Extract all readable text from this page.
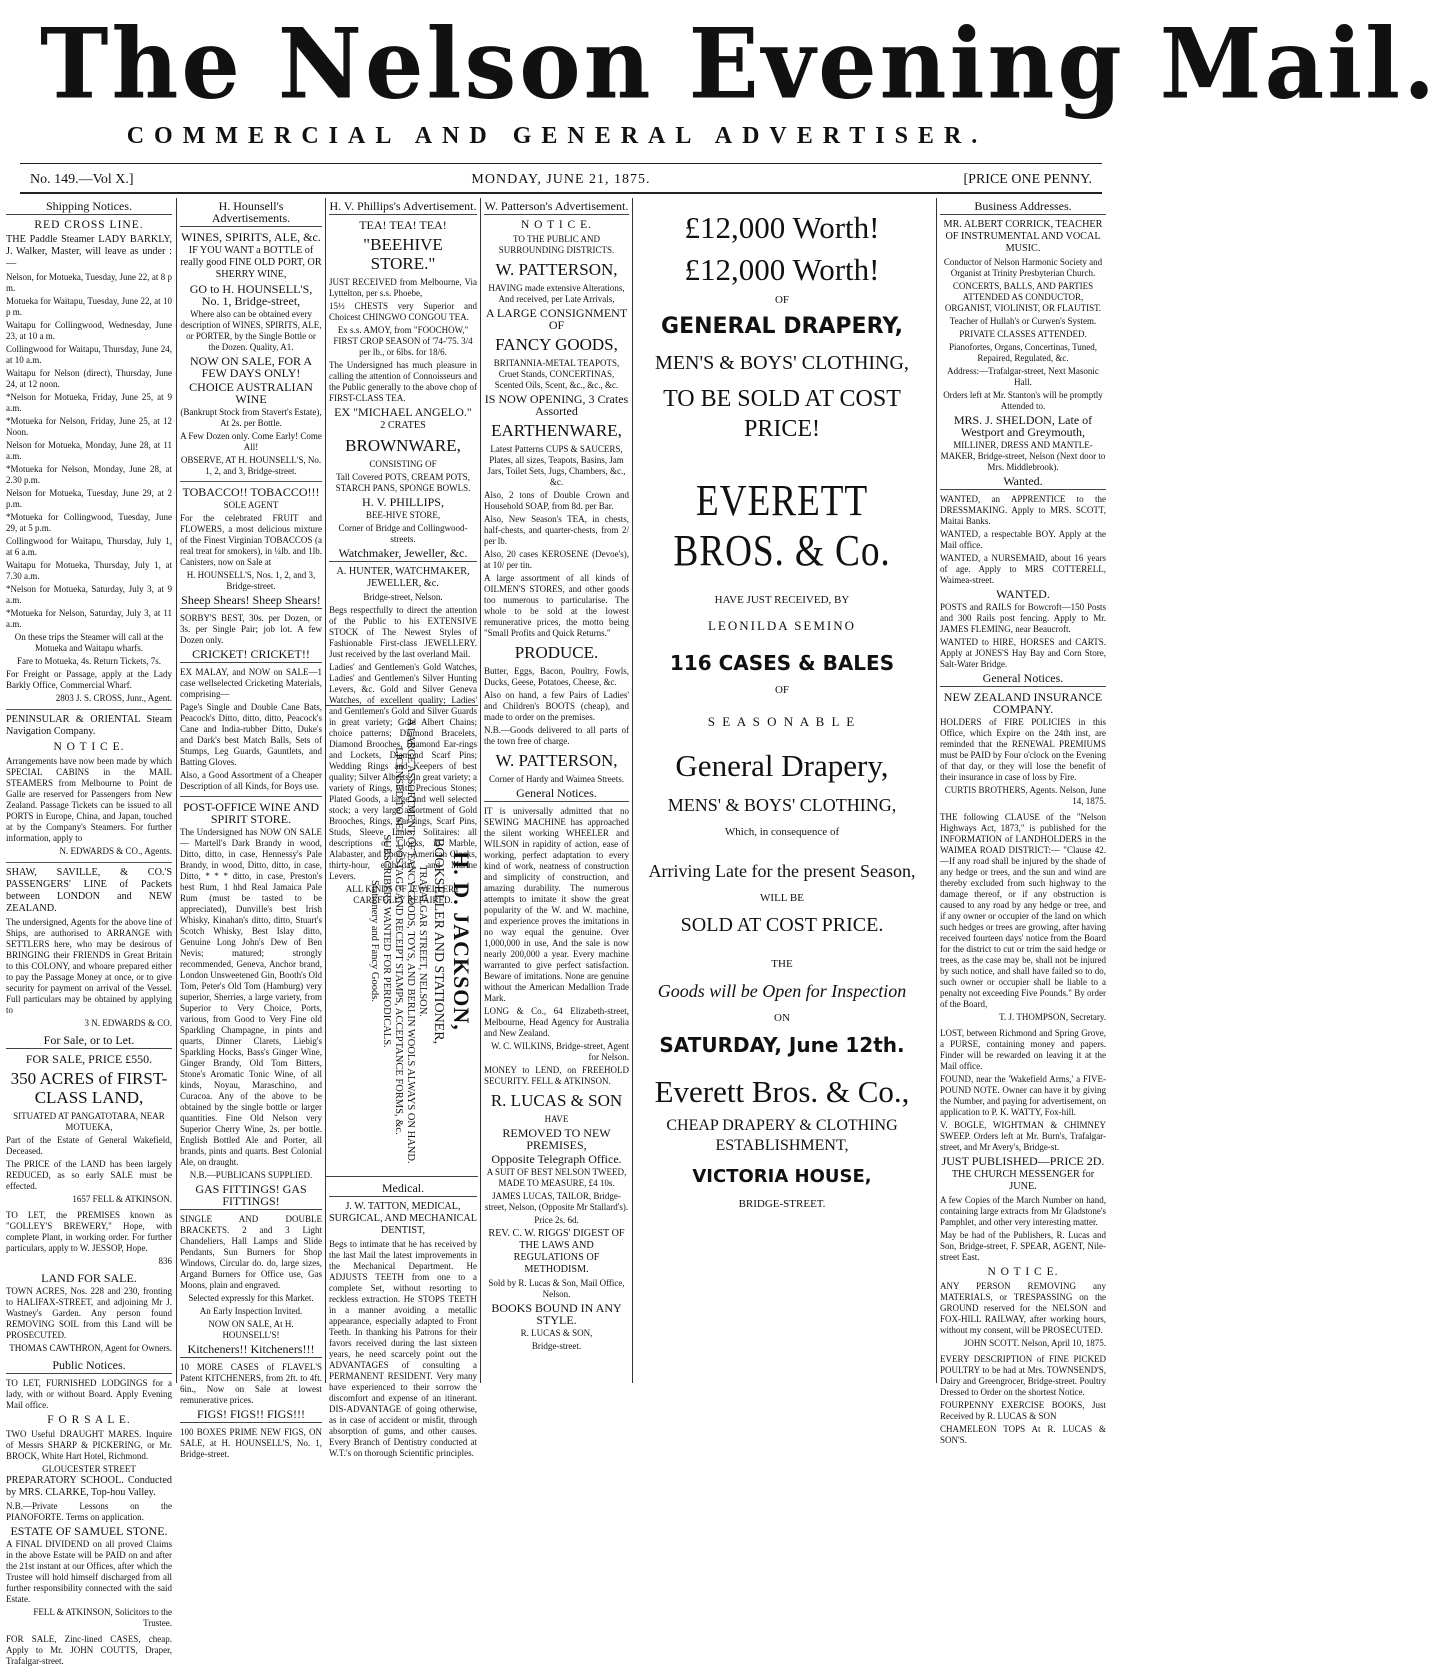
The Nelson Evening Mail.
COMMERCIAL AND GENERAL ADVERTISER.
MONDAY, JUNE 21, 1875.
No. 149.—Vol X.]	[PRICE ONE PENNY.
Shipping Notices.
RED CROSS LINE.
THE Paddle Steamer LADY BARKLY, J. Walker, Master, will leave as under :—
Nelson, for Motueka, Tuesday, June 22, at 8 p m.
Motueka for Waitapu, Tuesday, June 22, at 10 p m.
Waitapu for Collingwood, Wednesday, June 23, at 10 a m.
Collingwood for Waitapu, Thursday, June 24, at 10 a.m.
Waitapu for Nelson (direct), Thursday, June 24, at 12 noon.
*Nelson for Motueka, Friday, June 25, at 9 a.m.
*Motueka for Nelson, Friday, June 25, at 12 Noon.
Nelson for Motueka, Monday, June 28, at 11 a.m.
*Motueka for Nelson, Monday, June 28, at 2.30 p.m.
Nelson for Motueka, Tuesday, June 29, at 2 p.m.
*Motueka for Collingwood, Tuesday, June 29, at 5 p.m.
Collingwood for Waitapu, Thursday, July 1, at 6 a.m.
Waitapu for Motueka, Thursday, July 1, at 7.30 a.m.
*Nelson for Motueka, Saturday, July 3, at 9 a.m.
*Motueka for Nelson, Saturday, July 3, at 11 a.m.
On these trips the Steamer will call at the Motueka and Waitapu wharfs.
Fare to Motueka, 4s. Return Tickets, 7s.
For Freight or Passage, apply at the Lady Barkly Office, Commercial Wharf.
2803 J. S. CROSS, Junr., Agent.
PENINSULAR & ORIENTAL Steam Navigation Company.
N O T I C E.
Arrangements have now been made by which SPECIAL CABINS in the MAIL STEAMERS from Melbourne to Point de Galle are reserved for Passengers from New Zealand. Passage Tickets can be issued to all PORTS in Europe, China, and Japan, touched at by the Company's Steamers. For further information, apply to
N. EDWARDS & CO., Agents.
SHAW, SAVILLE, & CO.'S PASSENGERS' LINE of Packets between LONDON and NEW ZEALAND.
The undersigned, Agents for the above line of Ships, are authorised to ARRANGE with SETTLERS here, who may be desirous of BRINGING their FRIENDS in Great Britain to this COLONY, and whoare prepared either to pay the Passage Money at once, or to give security for payment on arrival of the Vessel. Full particulars may be obtained by applying to
3 N. EDWARDS & CO.
For Sale, or to Let.
FOR SALE, PRICE £550.
350 ACRES of FIRST-CLASS LAND,
SITUATED AT PANGATOTARA, NEAR MOTUEKA,
Part of the Estate of General Wakefield, Deceased.
The PRICE of the LAND has been largely REDUCED, as so early SALE must be effected.
1657 FELL & ATKINSON.
TO LET, the PREMISES known as "GOLLEY'S BREWERY," Hope, with complete Plant, in working order. For further particulars, apply to W. JESSOP, Hope.
836
LAND FOR SALE.
TOWN ACRES, Nos. 228 and 230, fronting to HALIFAX-STREET, and adjoining Mr J. Wastney's Garden. Any person found REMOVING SOIL from this Land will be PROSECUTED.
THOMAS CAWTHRON, Agent for Owners.
Public Notices.
TO LET, FURNISHED LODGINGS for a lady, with or without Board. Apply Evening Mail office.
F O R S A L E.
TWO Useful DRAUGHT MARES. Inquire of Messrs SHARP & PICKERING, or Mr. BROCK, White Hart Hotel, Richmond.
GLOUCESTER STREET
PREPARATORY SCHOOL. Conducted by MRS. CLARKE, Top-hou Valley.
N.B.—Private Lessons on the PIANOFORTE. Terms on application.
ESTATE OF SAMUEL STONE.
A FINAL DIVIDEND on all proved Claims in the above Estate will be PAID on and after the 21st instant at our Offices, after which the Trustee will hold himself discharged from all further responsibility connected with the said Estate.
FELL & ATKINSON, Solicitors to the Trustee.
FOR SALE, Zinc-lined CASES, cheap. Apply to Mr. JOHN COUTTS, Draper, Trafalgar-street.
H. Hounsell's Advertisements.
WINES, SPIRITS, ALE, &c.
IF YOU WANT a BOTTLE of really good FINE OLD PORT, OR SHERRY WINE,
GO to H. HOUNSELL'S, No. 1, Bridge-street,
Where also can be obtained every description of WINES, SPIRITS, ALE, or PORTER, by the Single Bottle or the Dozen. Quality, A1.
NOW ON SALE, FOR A FEW DAYS ONLY!
CHOICE AUSTRALIAN WINE
(Bankrupt Stock from Stavert's Estate), At 2s. per Bottle.
A Few Dozen only. Come Early! Come All!
OBSERVE, AT H. HOUNSELL'S, No. 1, 2, and 3, Bridge-street.
TOBACCO!! TOBACCO!!!
SOLE AGENT
For the celebrated FRUIT and FLOWERS, a most delicious mixture of the Finest Virginian TOBACCOS (a real treat for smokers), in ¼lb. and 1lb. Canisters, now on Sale at
H. HOUNSELL'S, Nos. 1, 2, and 3, Bridge-street.
Sheep Shears! Sheep Shears!
SORBY'S BEST, 30s. per Dozen, or 3s. per Single Pair; job lot. A few Dozen only.
CRICKET! CRICKET!!
EX MALAY, and NOW on SALE—1 case wellselected Cricketing Materials, comprising—
Page's Single and Double Cane Bats, Peacock's Ditto, ditto, ditto, Peacock's Cane and India-rubber Ditto, Duke's and Dark's best Match Balls, Sets of Stumps, Leg Guards, Gauntlets, and Batting Gloves.
Also, a Good Assortment of a Cheaper Description of all Kinds, for Boys use.
POST-OFFICE WINE AND SPIRIT STORE.
The Undersigned has NOW ON SALE— Martell's Dark Brandy in wood, Ditto, ditto, in case, Hennessy's Pale Brandy, in wood, Ditto, ditto, in case, Ditto, * * * ditto, in case, Preston's best Rum, 1 hhd Real Jamaica Pale Rum (must be tasted to be appreciated), Dunville's best Irish Whisky, Kinahan's ditto, ditto, Stuart's Scotch Whisky, Best Islay ditto, Genuine Long John's Dew of Ben Nevis; matured; strongly recommended, Geneva, Anchor brand, London Unsweetened Gin, Booth's Old Tom, Peter's Old Tom (Hamburg) very superior, Sherries, a large variety, from Superior to Very Choice, Ports, various, from Good to Very Fine old Sparkling Champagne, in pints and quarts, Dinner Clarets, Liebig's Sparkling Hocks, Bass's Ginger Wine, Ginger Brandy, Old Tom Bitters, Stone's Aromatic Tonic Wine, of all kinds, Noyau, Maraschino, and Curacoa. Any of the above to be obtained by the single bottle or larger quantities. Fine Old Nelson very Superior Cherry Wine, 2s. per bottle. English Bottled Ale and Porter, all brands, pints and quarts. Best Colonial Ale, on draught.
N.B.—PUBLICANS SUPPLIED.
GAS FITTINGS! GAS FITTINGS!
SINGLE AND DOUBLE BRACKETS. 2 and 3 Light Chandeliers, Hall Lamps and Slide Pendants, Sun Burners for Shop Windows, Circular do. do, large sizes, Argand Burners for Office use, Gas Moons, plain and engraved.
Selected expressly for this Market.
An Early Inspection Invited.
NOW ON SALE, At H. HOUNSELL'S!
Kitcheners!! Kitcheners!!!
10 MORE CASES of FLAVEL'S Patent KITCHENERS, from 2ft. to 4ft. 6in., Now on Sale at lowest remunerative prices.
FIGS! FIGS!! FIGS!!!
100 BOXES PRIME NEW FIGS, ON SALE, at H. HOUNSELL'S, No. 1, Bridge-street.
H. V. Phillips's Advertisement.
TEA! TEA! TEA!
"BEEHIVE STORE."
JUST RECEIVED from Melbourne, Via Lyttelton, per s.s. Phoebe,
15½ CHESTS very Superior and Choicest CHINGWO CONGOU TEA.
Ex s.s. AMOY, from "FOOCHOW," FIRST CROP SEASON of '74-'75. 3/4 per lb., or 6lbs. for 18/6.
The Undersigned has much pleasure in calling the attention of Connoisseurs and the Public generally to the above chop of FIRST-CLASS TEA.
EX "MICHAEL ANGELO."
2 CRATES
BROWNWARE,
CONSISTING OF
Tall Covered POTS, CREAM POTS, STARCH PANS, SPONGE BOWLS.
H. V. PHILLIPS,
BEE-HIVE STORE,
Corner of Bridge and Collingwood-streets.
Watchmaker, Jeweller, &c.
A. HUNTER, WATCHMAKER, JEWELLER, &c.
Bridge-street, Nelson.
Begs respectfully to direct the attention of the Public to his EXTENSIVE STOCK of The Newest Styles of Fashionable First-class JEWELLERY. Just received by the last overland Mail.
Ladies' and Gentlemen's Gold Watches, Ladies' and Gentlemen's Silver Hunting Levers, &c. Gold and Silver Geneva Watches, of excellent quality; Ladies' and Gentlemen's Gold and Silver Guards in great variety; Gold Albert Chains; choice patterns; Diamond Bracelets, Diamond Brooches, Diamond Ear-rings and Lockets, Diamond Scarf Pins; Wedding Rings and Keepers of best quality; Silver Alberts, in great variety; a variety of Rings, with Precious Stones; Plated Goods, a large and well selected stock; a very large assortment of Gold Brooches, Rings, Ear-rings, Scarf Pins, Studs, Sleeve Links, Solitaires: all descriptions of Clocks, in Marble, Alabaster, and Ebony; American Clocks, thirty-hour, eight-day, and Marine Levers.
ALL KINDS OF JEWELLERY CAREFULLY REPAIRED.
H. D. JACKSON,
BOOKSELLER AND STATIONER,
TRAFALGAR STREET, NELSON.
A LARGE ASSORTMENT OF FANCY GOODS, TOYS, AND BERLIN WOOLS ALWAYS ON HAND.
LICENSED TO SELL POSTAGE AND RECEIPT STAMPS, ACCEPTANCE FORMS, &c.
SUBSCRIBERS WANTED FOR PERIODICALS.
Stationery and Fancy Goods.
Medical.
J. W. TATTON, MEDICAL, SURGICAL, AND MECHANICAL DENTIST,
Begs to intimate that he has received by the last Mail the latest improvements in the Mechanical Department. He ADJUSTS TEETH from one to a complete Set, without resorting to reckless extraction. He STOPS TEETH in a manner avoiding a metallic appearance, especially adapted to Front Teeth. In thanking his Patrons for their favors received during the last sixteen years, he need scarcely point out the ADVANTAGES of consulting a PERMANENT RESIDENT. Very many have experienced to their sorrow the discomfort and expense of an itinerant. DIS-ADVANTAGE of going otherwise, as in case of accident or misfit, through absorption of gums, and other causes. Every Branch of Dentistry conducted at W.T.'s on thorough Scientific principles.
W. Patterson's Advertisement.
N O T I C E.
TO THE PUBLIC AND SURROUNDING DISTRICTS.
W. PATTERSON,
HAVING made extensive Alterations, And received, per Late Arrivals,
A LARGE CONSIGNMENT OF
FANCY GOODS,
BRITANNIA-METAL TEAPOTS, Cruet Stands, CONCERTINAS, Scented Oils, Scent, &c., &c., &c.
IS NOW OPENING, 3 Crates Assorted
EARTHENWARE,
Latest Patterns CUPS & SAUCERS, Plates, all sizes, Teapots, Basins, Jam Jars, Toilet Sets, Jugs, Chambers, &c., &c.
Also, 2 tons of Double Crown and Household SOAP, from 8d. per Bar.
Also, New Season's TEA, in chests, half-chests, and quarter-chests, from 2/ per lb.
Also, 20 cases KEROSENE (Devoe's), at 10/ per tin.
A large assortment of all kinds of OILMEN'S STORES, and other goods too numerous to particularise. The whole to be sold at the lowest remunerative prices, the motto being "Small Profits and Quick Returns."
PRODUCE.
Butter, Eggs, Bacon, Poultry, Fowls, Ducks, Geese, Potatoes, Cheese, &c.
Also on hand, a few Pairs of Ladies' and Children's BOOTS (cheap), and made to order on the premises.
N.B.—Goods delivered to all parts of the town free of charge.
W. PATTERSON,
Corner of Hardy and Waimea Streets.
General Notices.
IT is universally admitted that no SEWING MACHINE has approached the silent working WHEELER and WILSON in rapidity of action, ease of working, perfect adaptation to every kind of work, neatness of construction and simplicity of construction, and amazing durability. The numerous attempts to imitate it show the great popularity of the W. and W. machine, and experience proves the imitations in no way equal the genuine. Over 1,000,000 in use, And the sale is now nearly 200,000 a year. Every machine warranted to give perfect satisfaction. Beware of imitations. None are genuine without the American Medallion Trade Mark.
LONG & Co., 64 Elizabeth-street, Melbourne, Head Agency for Australia and New Zealand.
W. C. WILKINS, Bridge-street, Agent for Nelson.
MONEY to LEND, on FREEHOLD SECURITY. FELL & ATKINSON.
R. LUCAS & SON
HAVE
REMOVED TO NEW PREMISES,
Opposite Telegraph Office.
A SUIT OF BEST NELSON TWEED, MADE TO MEASURE, £4 10s.
JAMES LUCAS, TAILOR, Bridge-street, Nelson, (Opposite Mr Stallard's).
Price 2s. 6d.
REV. C. W. RIGGS' DIGEST OF THE LAWS AND REGULATIONS OF METHODISM.
Sold by R. Lucas & Son, Mail Office, Nelson.
BOOKS BOUND IN ANY STYLE.
R. LUCAS & SON,
Bridge-street.
£12,000 Worth!
£12,000 Worth!
OF
GENERAL DRAPERY,
MEN'S & BOYS' CLOTHING,
TO BE SOLD AT COST PRICE!
EVERETT BROS. & Co.
HAVE JUST RECEIVED, BY
LEONILDA SEMINO
116 CASES & BALES
OF
S E A S O N A B L E
General Drapery,
MENS' & BOYS' CLOTHING,
Which, in consequence of
Arriving Late for the present Season,
WILL BE
SOLD AT COST PRICE.
THE
Goods will be Open for Inspection
ON
SATURDAY, June 12th.
Everett Bros. & Co.,
CHEAP DRAPERY & CLOTHING ESTABLISHMENT,
VICTORIA HOUSE,
BRIDGE-STREET.
Business Addresses.
MR. ALBERT CORRICK, TEACHER OF INSTRUMENTAL AND VOCAL MUSIC.
Conductor of Nelson Harmonic Society and Organist at Trinity Presbyterian Church.
CONCERTS, BALLS, AND PARTIES ATTENDED AS CONDUCTOR, ORGANIST, VIOLINIST, OR FLAUTIST.
Teacher of Hullah's or Curwen's System.
PRIVATE CLASSES ATTENDED.
Pianofortes, Organs, Concertinas, Tuned, Repaired, Regulated, &c.
Address:—Trafalgar-street, Next Masonic Hall.
Orders left at Mr. Stanton's will be promptly Attended to.
MRS. J. SHELDON, Late of Westport and Greymouth,
MILLINER, DRESS AND MANTLE-MAKER, Bridge-street, Nelson (Next door to Mrs. Middlebrook).
Wanted.
WANTED, an APPRENTICE to the DRESSMAKING. Apply to MRS. SCOTT, Maitai Banks.
WANTED, a respectable BOY. Apply at the Mail office.
WANTED, a NURSEMAID, about 16 years of age. Apply to MRS COTTERELL, Waimea-street.
WANTED.
POSTS and RAILS for Bowcroft—150 Posts and 300 Rails post fencing. Apply to Mr. JAMES FLEMING, near Beaucroft.
WANTED to HIRE, HORSES and CARTS. Apply at JONES'S Hay Bay and Corn Store, Salt-Water Bridge.
General Notices.
NEW ZEALAND INSURANCE COMPANY.
HOLDERS of FIRE POLICIES in this Office, which Expire on the 24th inst, are reminded that the RENEWAL PREMIUMS must be PAID by Four o'clock on the Evening of that day, or they will lose the benefit of their insurance in case of loss by Fire.
CURTIS BROTHERS, Agents. Nelson, June 14, 1875.
THE following CLAUSE of the "Nelson Highways Act, 1873," is published for the INFORMATION of LANDHOLDERS in the WAIMEA ROAD DISTRICT:— "Clause 42.—If any road shall be injured by the shade of any hedge or trees, and the sun and wind are thereby excluded from such highway to the damage thereof, or if any obstruction is caused to any road by any hedge or tree, and if any owner or occupier of the land on which such hedges or trees are growing, after having received fourteen days' notice from the Board for the district to cut or trim the said hedge or trees, as the case may be, shall not be injured by such notice, and shall have failed so to do, such owner or occupier shall be liable to a penalty not exceeding Five Pounds." By order of the Board,
T. J. THOMPSON, Secretary.
LOST, between Richmond and Spring Grove, a PURSE, containing money and papers. Finder will be rewarded on leaving it at the Mail office.
FOUND, near the 'Wakefield Arms,' a FIVE-POUND NOTE. Owner can have it by giving the Number, and paying for advertisement, on application to P. K. WATTY, Fox-hill.
V. BOGLE, WIGHTMAN & CHIMNEY SWEEP. Orders left at Mr. Burn's, Trafalgar-street, and Mr Avery's, Bridge-st.
JUST PUBLISHED—PRICE 2D.
THE CHURCH MESSENGER for JUNE.
A few Copies of the March Number on hand, containing large extracts from Mr Gladstone's Pamphlet, and other very interesting matter.
May be had of the Publishers, R. Lucas and Son, Bridge-street, F. SPEAR, AGENT, Nile-street East.
N O T I C E.
ANY PERSON REMOVING any MATERIALS, or TRESPASSING on the GROUND reserved for the NELSON and FOX-HILL RAILWAY, after working hours, without my consent, will be PROSECUTED.
JOHN SCOTT. Nelson, April 10, 1875.
EVERY DESCRIPTION of FINE PICKED POULTRY to be had at Mrs. TOWNSEND'S, Dairy and Greengrocer, Bridge-street. Poultry Dressed to Order on the shortest Notice.
FOURPENNY EXERCISE BOOKS, Just Received by R. LUCAS & SON
CHAMELEON TOPS At R. LUCAS & SON'S.
